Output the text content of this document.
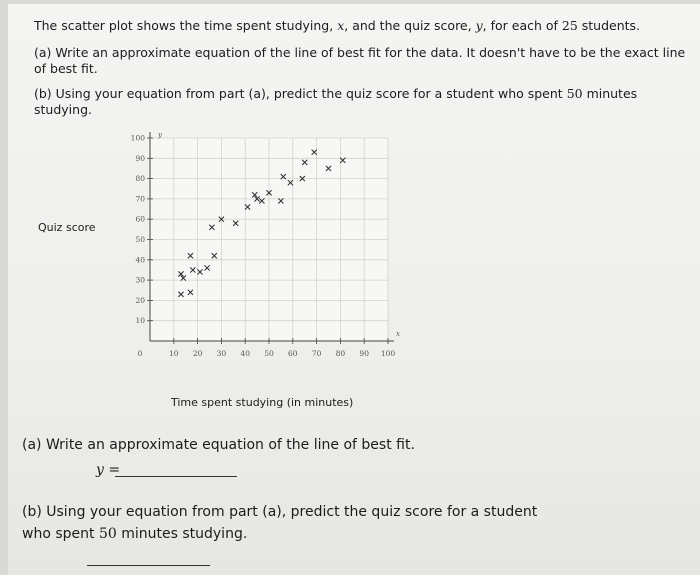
The scatter plot shows the time spent studying, x, and the quiz score, y, for each of 25 students.
(a) Write an approximate equation of the line of best fit for the data. It doesn't have to be the exact line of best fit.
(b) Using your equation from part (a), predict the quiz score for a student who spent 50 minutes studying.
10 20 30 40 50 60 70 80 90 100
10
20
30
40
50
60
70
80
90
100
0
y
x
Quiz score
Time spent studying (in minutes)
(a) Write an approximate equation of the line of best fit.
y =
(b) Using your equation from part (a), predict the quiz score for a student who spent 50 minutes studying.
